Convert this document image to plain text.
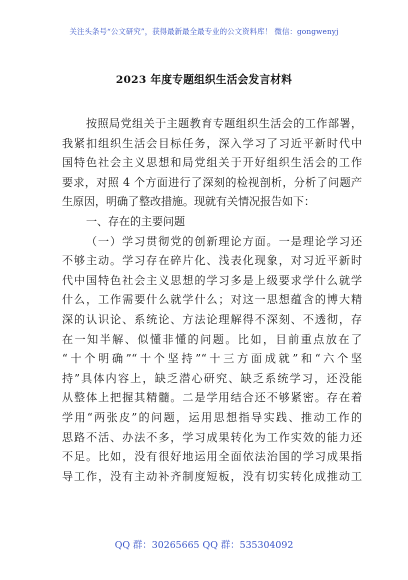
关注头条号“公文研究”，获得最新最全最专业的公文资料库！ 微信：gongwenyj
2023 年度专题组织生活会发言材料
按照局党组关于主题教育专题组织生活会的工作部署，
我紧扣组织生活会目标任务，深入学习了习近平新时代中
国特色社会主义思想和局党组关于开好组织生活会的工作
要求，对照 4 个方面进行了深刻的检视剖析，分析了问题产
生原因，明确了整改措施。现就有关情况报告如下：
一、存在的主要问题
（一）学习贯彻党的创新理论方面。一是理论学习还
不够主动。学习存在碎片化、浅表化现象，对习近平新时
代中国特色社会主义思想的学习多是上级要求学什么就学
什么，工作需要什么就学什么；对这一思想蕴含的博大精
深的认识论、系统论、方法论理解得不深刻、不透彻，存
在一知半解、似懂非懂的问题。比如，目前重点放在了
“十个明确”“十个坚持”“十三方面成就”和“六个坚
持”具体内容上，缺乏潜心研究、缺乏系统学习，还没能
从整体上把握其精髓。二是学用结合还不够紧密。存在着
学用“两张皮”的问题，运用思想指导实践、推动工作的
思路不活、办法不多，学习成果转化为工作实效的能力还
不足。比如，没有很好地运用全面依法治国的学习成果指
导工作，没有主动补齐制度短板，没有切实转化成推动工
QQ 群：30265665 QQ 群：535304092
